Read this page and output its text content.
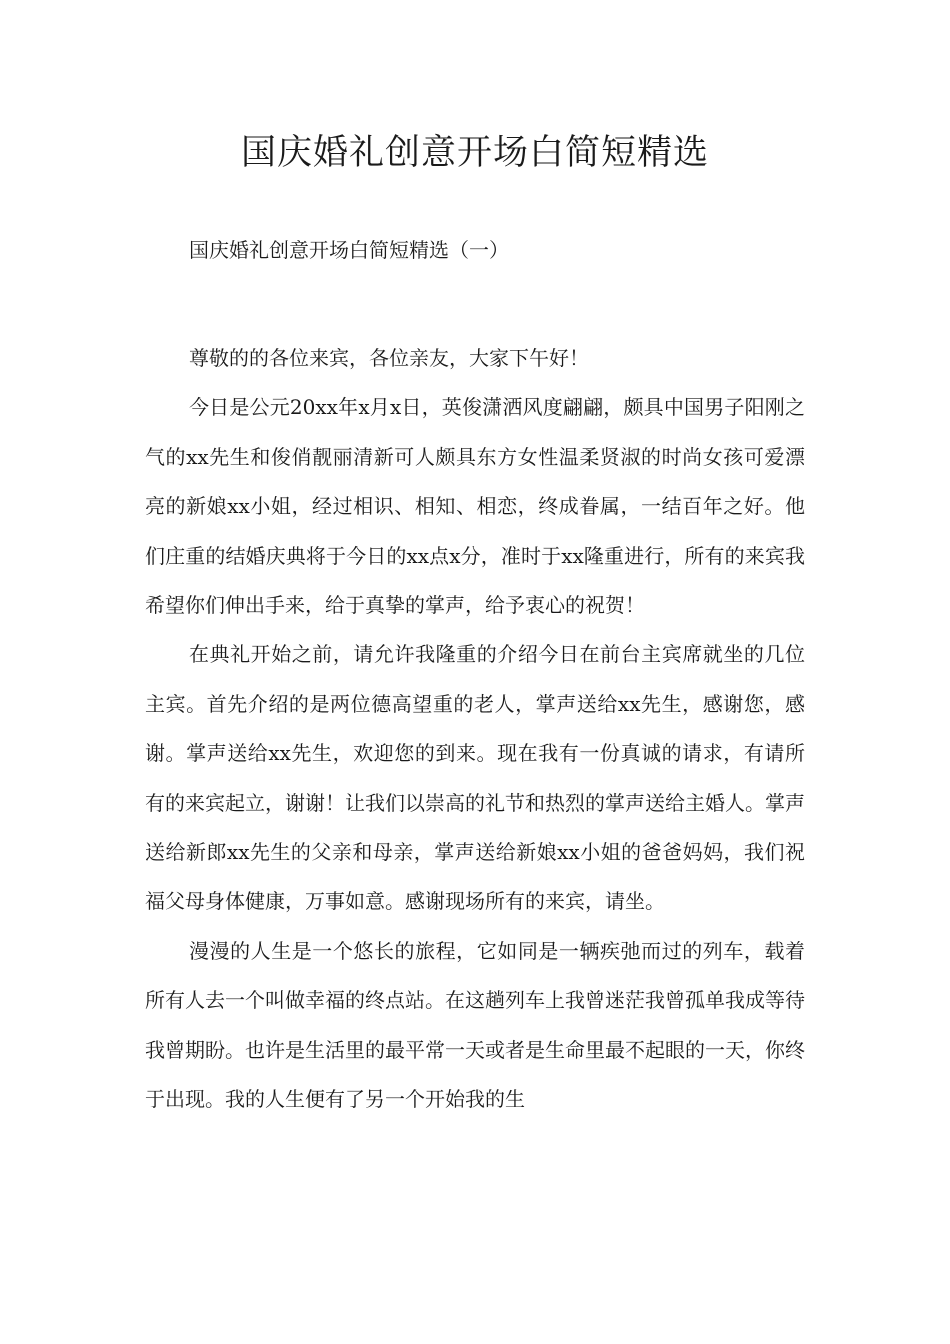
国庆婚礼创意开场白简短精选

国庆婚礼创意开场白简短精选（一）

尊敬的的各位来宾，各位亲友，大家下午好！

今日是公元20xx年x月x日，英俊潇洒风度翩翩，颇具中国男子阳刚之气的xx先生和俊俏靓丽清新可人颇具东方女性温柔贤淑的时尚女孩可爱漂亮的新娘xx小姐，经过相识、相知、相恋，终成眷属，一结百年之好。他们庄重的结婚庆典将于今日的xx点x分，准时于xx隆重进行，所有的来宾我希望你们伸出手来，给于真挚的掌声，给予衷心的祝贺！

在典礼开始之前，请允许我隆重的介绍今日在前台主宾席就坐的几位主宾。首先介绍的是两位德高望重的老人，掌声送给xx先生，感谢您，感谢。掌声送给xx先生，欢迎您的到来。现在我有一份真诚的请求，有请所有的来宾起立，谢谢！让我们以崇高的礼节和热烈的掌声送给主婚人。掌声送给新郎xx先生的父亲和母亲，掌声送给新娘xx小姐的爸爸妈妈，我们祝福父母身体健康，万事如意。感谢现场所有的来宾，请坐。

漫漫的人生是一个悠长的旅程，它如同是一辆疾弛而过的列车，载着所有人去一个叫做幸福的终点站。在这趟列车上我曾迷茫我曾孤单我成等待我曾期盼。也许是生活里的最平常一天或者是生命里最不起眼的一天，你终于出现。我的人生便有了另一个开始我的生
